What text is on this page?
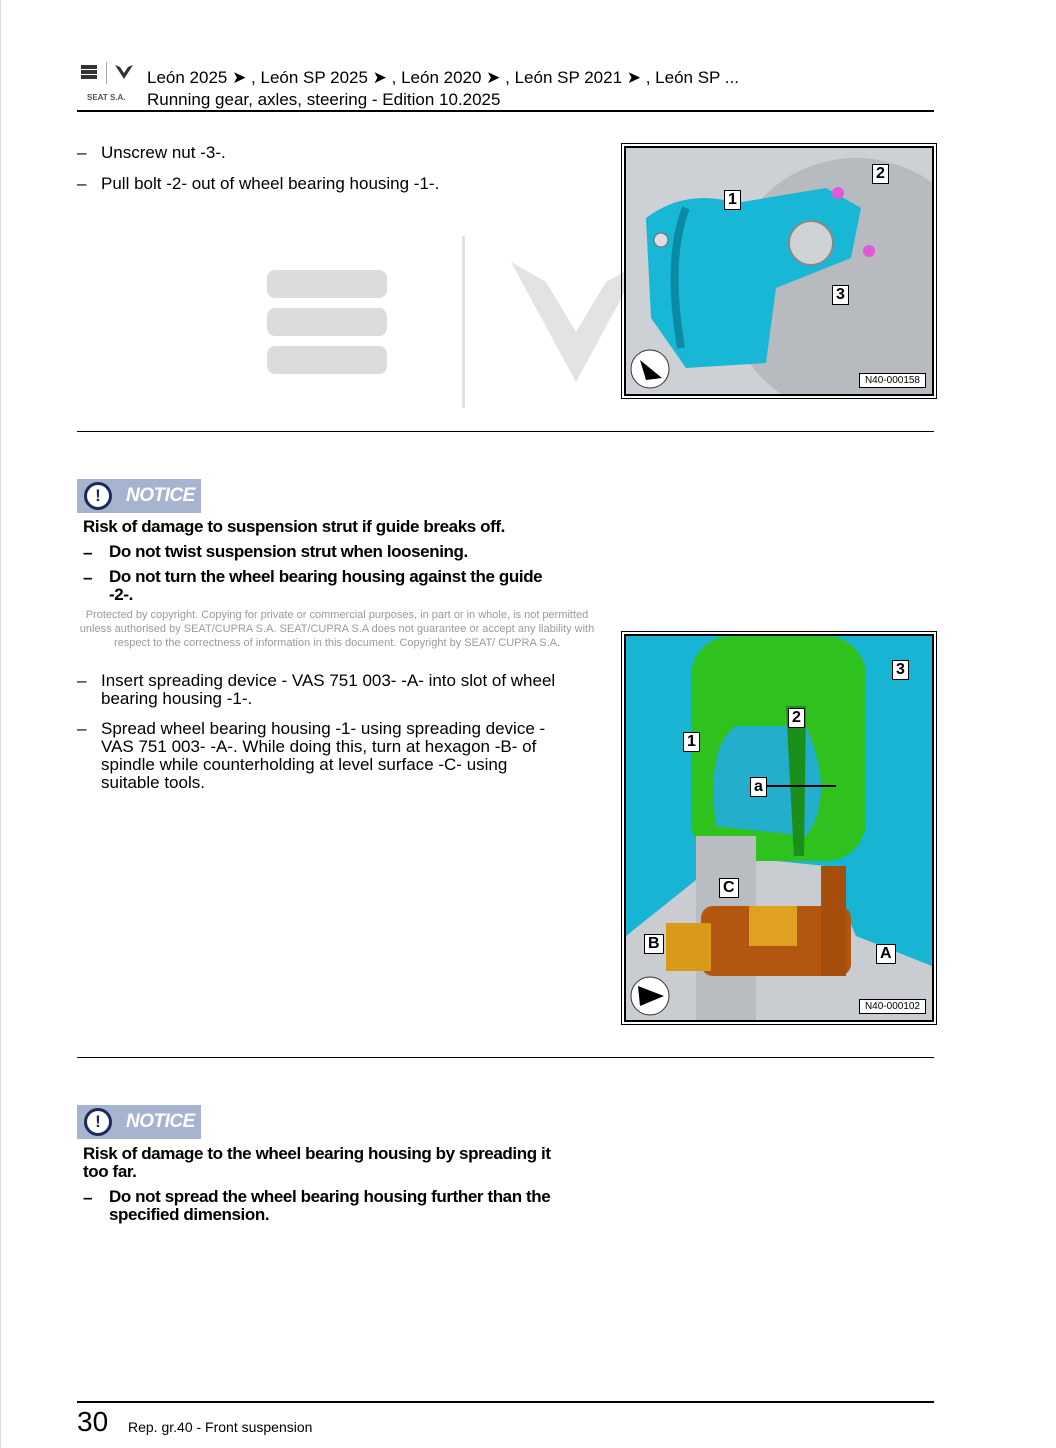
SEAT S.A.
León 2025 ➤ , León SP 2025 ➤ , León 2020 ➤ , León SP 2021 ➤ , León SP ...
Running gear, axles, steering - Edition 10.2025
– Unscrew nut -3-.
– Pull bolt -2- out of wheel bearing housing -1-.
1
2
3
N40-000158
!	NOTICE
Risk of damage to suspension strut if guide breaks off.
– Do not twist suspension strut when loosening.
– Do not turn the wheel bearing housing against the guide -2-.
Protected by copyright. Copying for private or commercial purposes, in part or in whole, is not permitted unless authorised by SEAT/CUPRA S.A. SEAT/CUPRA S.A does not guarantee or accept any liability with respect to the correctness of information in this document. Copyright by SEAT/ CUPRA S.A.
– Insert spreading device - VAS 751 003- -A- into slot of wheel bearing housing -1-.
– Spread wheel bearing housing -1- using spreading device - VAS 751 003- -A-. While doing this, turn at hexagon -B- of spindle while counterholding at level surface -C- using suitable tools.
1
2
3
a
C
B
A
N40-000102
!	NOTICE
Risk of damage to the wheel bearing housing by spreading it too far.
– Do not spread the wheel bearing housing further than the specified dimension.
30 Rep. gr.40 - Front suspension
